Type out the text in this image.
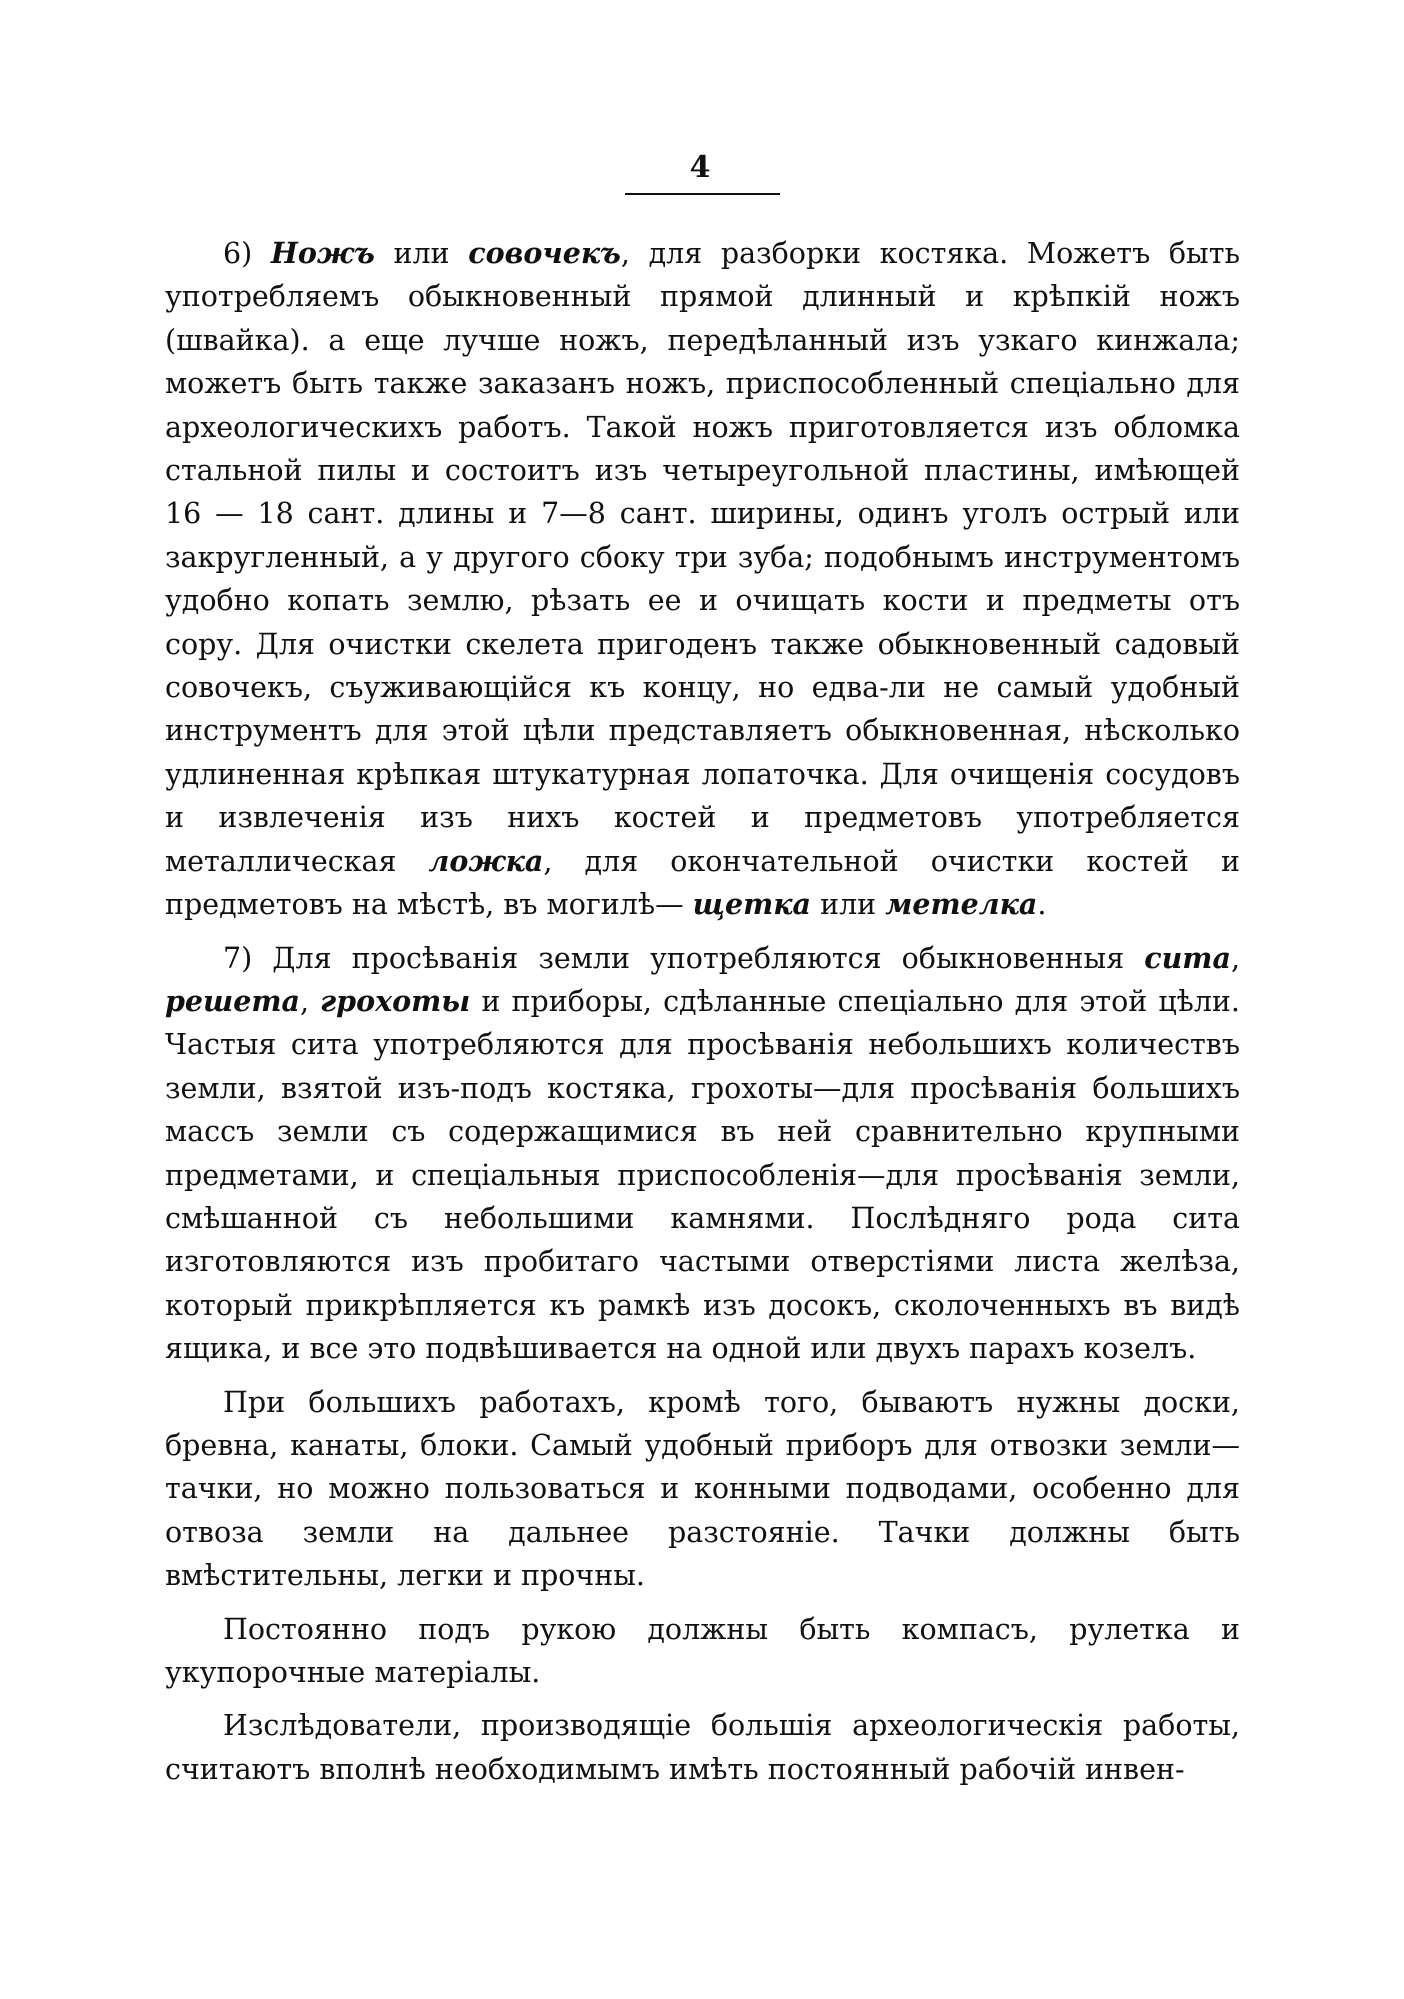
4

6) Ножъ или совочекъ, для разборки костяка. Можетъ быть употребляемъ обыкновенный прямой длинный и крѣпкій ножъ (швайка). а еще лучше ножъ, передѣланный изъ узкаго кинжала; можетъ быть также заказанъ ножъ, приспособленный спеціально для археологическихъ работъ. Такой ножъ приготовляется изъ обломка стальной пилы и состоитъ изъ четыреугольной пластины, имѣющей 16 — 18 сант. длины и 7—8 сант. ширины, одинъ уголъ острый или закругленный, а у другого сбоку три зуба; подобнымъ инструментомъ удобно копать землю, рѣзать ее и очищать кости и предметы отъ сору. Для очистки скелета пригоденъ также обыкновенный садовый совочекъ, съуживающійся къ концу, но едва-ли не самый удобный инструментъ для этой цѣли представляетъ обыкновенная, нѣсколько удлиненная крѣпкая штукатурная лопаточка. Для очищенія сосудовъ и извлеченія изъ нихъ костей и предметовъ употребляется металлическая ложка, для окончательной очистки костей и предметовъ на мѣстѣ, въ могилѣ— щетка или метелка.

7) Для просѣванія земли употребляются обыкновенныя сита, решета, грохоты и приборы, сдѣланные спеціально для этой цѣли. Частыя сита употребляются для просѣванія небольшихъ количествъ земли, взятой изъ-подъ костяка, грохоты—для просѣванія большихъ массъ земли съ содержащимися въ ней сравнительно крупными предметами, и спеціальныя приспособленія—для просѣванія земли, смѣшанной съ небольшими камнями. Послѣдняго рода сита изготовляются изъ пробитаго частыми отверстіями листа желѣза, который прикрѣпляется къ рамкѣ изъ досокъ, сколоченныхъ въ видѣ ящика, и все это подвѣшивается на одной или двухъ парахъ козелъ.

При большихъ работахъ, кромѣ того, бываютъ нужны доски, бревна, канаты, блоки. Самый удобный приборъ для отвозки земли—тачки, но можно пользоваться и конными подводами, особенно для отвоза земли на дальнее разстояніе. Тачки должны быть вмѣстительны, легки и прочны.

Постоянно подъ рукою должны быть компасъ, рулетка и укупорочные матеріалы.

Изслѣдователи, производящіе большія археологическія работы, считаютъ вполнѣ необходимымъ имѣть постоянный рабочій инвен-
